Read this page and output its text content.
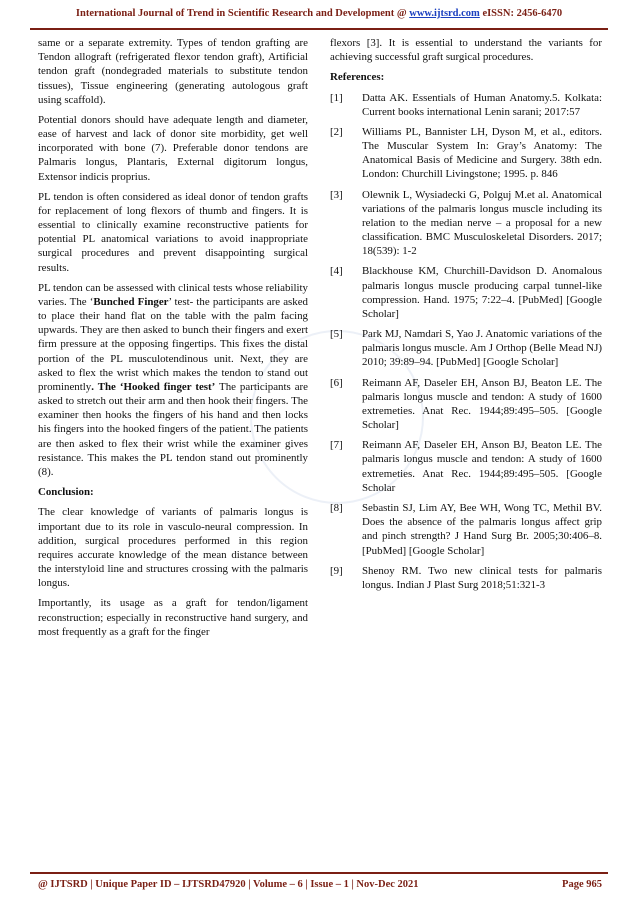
International Journal of Trend in Scientific Research and Development @ www.ijtsrd.com eISSN: 2456-6470

same or a separate extremity. Types of tendon grafting are Tendon allograft (refrigerated flexor tendon graft), Artificial tendon graft (nondegraded materials to substitute tendon tissues), Tissue engineering (generating autologous graft using scaffold).

Potential donors should have adequate length and diameter, ease of harvest and lack of donor site morbidity, get well incorporated with bone (7). Preferable donor tendons are Palmaris longus, Plantaris, External digitorum longus, Extensor indicis proprius.

PL tendon is often considered as ideal donor of tendon grafts for replacement of long flexors of thumb and fingers. It is essential to clinically examine reconstructive patients for potential PL anatomical variations to avoid inappropriate surgical procedures and prevent disappointing surgical results.

PL tendon can be assessed with clinical tests whose reliability varies. The ‘Bunched Finger’ test- the participants are asked to place their hand flat on the table with the palm facing upwards. They are then asked to bunch their fingers and exert firm pressure at the opposing fingertips. This fixes the distal portion of the PL musculotendinous unit. Next, they are asked to flex the wrist which makes the tendon to stand out prominently. The ‘Hooked finger test’ The participants are asked to stretch out their arm and then hook their fingers. The examiner then hooks the fingers of his hand and then locks his fingers into the hooked fingers of the patient. The patients are then asked to flex their wrist while the examiner gives resistance. This makes the PL tendon stand out prominently (8).

Conclusion:

The clear knowledge of variants of palmaris longus is important due to its role in vasculo-neural compression. In addition, surgical procedures performed in this region requires accurate knowledge of the mean distance between the interstyloid line and structures crossing with the palmaris longus.

Importantly, its usage as a graft for tendon/ligament reconstruction; especially in reconstructive hand surgery, and most frequently as a graft for the finger

flexors [3]. It is essential to understand the variants for achieving successful graft surgical procedures.

References:

[1]	Datta AK. Essentials of Human Anatomy.5. Kolkata: Current books international Lenin sarani; 2017:57
[2]	Williams PL, Bannister LH, Dyson M, et al., editors. The Muscular System In: Gray’s Anatomy: The Anatomical Basis of Medicine and Surgery. 38th edn. London: Churchill Livingstone; 1995. p. 846
[3]	Olewnik L, Wysiadecki G, Polguj M.et al. Anatomical variations of the palmaris longus muscle including its relation to the median nerve – a proposal for a new classification. BMC Musculoskeletal Disorders. 2017; 18(539): 1-2
[4]	Blackhouse KM, Churchill-Davidson D. Anomalous palmaris longus muscle producing carpal tunnel-like compression. Hand. 1975; 7:22–4. [PubMed] [Google Scholar]
[5]	Park MJ, Namdari S, Yao J. Anatomic variations of the palmaris longus muscle. Am J Orthop (Belle Mead NJ) 2010; 39:89–94. [PubMed] [Google Scholar]
[6]	Reimann AF, Daseler EH, Anson BJ, Beaton LE. The palmaris longus muscle and tendon: A study of 1600 extremeties. Anat Rec. 1944;89:495–505. [Google Scholar]
[7]	Reimann AF, Daseler EH, Anson BJ, Beaton LE. The palmaris longus muscle and tendon: A study of 1600 extremeties. Anat Rec. 1944;89:495–505. [Google Scholar
[8]	Sebastin SJ, Lim AY, Bee WH, Wong TC, Methil BV. Does the absence of the palmaris longus affect grip and pinch strength? J Hand Surg Br. 2005;30:406–8. [PubMed] [Google Scholar]
[9]	Shenoy RM. Two new clinical tests for palmaris longus. Indian J Plast Surg 2018;51:321-3
@ IJTSRD | Unique Paper ID – IJTSRD47920 | Volume – 6 | Issue – 1 | Nov-Dec 2021	Page 965
